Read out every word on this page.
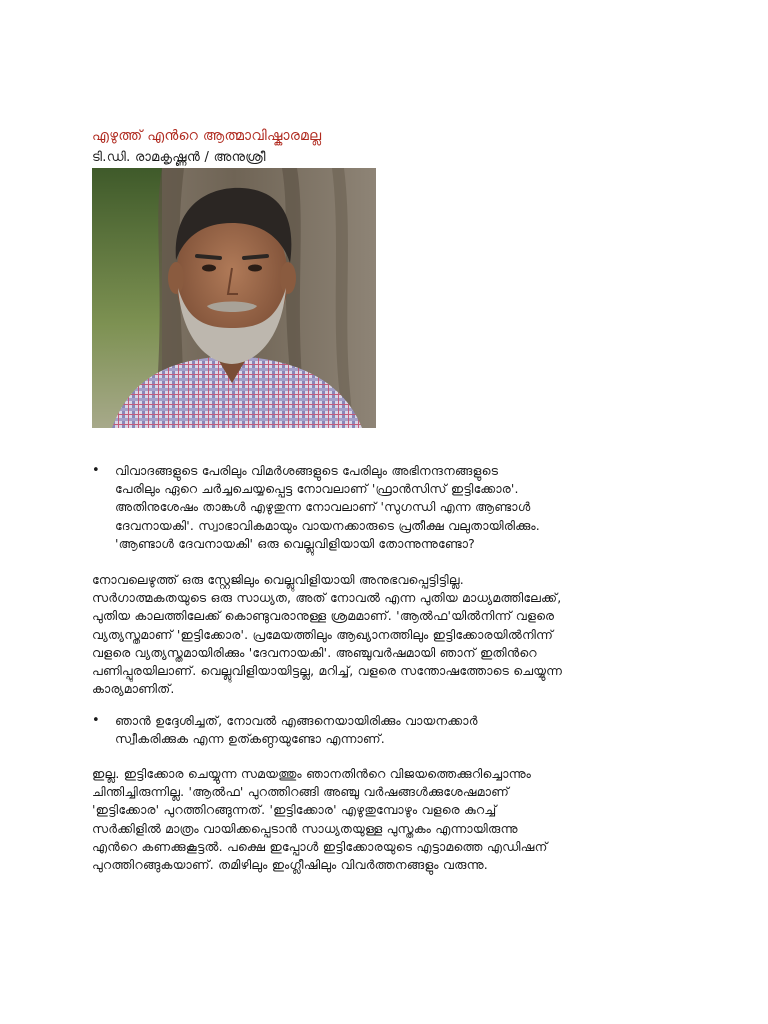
എഴുത്ത് എൻറെ ആത്മാവിഷ്കാരമല്ല
ടി.ഡി. രാമകൃഷ്ണൻ / അനുശ്രീ
• വിവാദങ്ങളുടെ പേരിലും വിമർശങ്ങളുടെ പേരിലും അഭിനന്ദനങ്ങളുടെ
പേരിലും ഏറെ ചർച്ചചെയ്യപ്പെട്ട നോവലാണ് 'ഫ്രാൻസിസ് ഇട്ടിക്കോര'.
അതിനുശേഷം താങ്കൾ എഴുതുന്ന നോവലാണ് 'സുഗന്ധി എന്ന ആണ്ടാൾ
ദേവനായകി'. സ്വാഭാവികമായും വായനക്കാരുടെ പ്രതീക്ഷ വലുതായിരിക്കും.
'ആണ്ടാൾ ദേവനായകി' ഒരു വെല്ലുവിളിയായി തോന്നുന്നുണ്ടോ?
നോവലെഴുത്ത് ഒരു സ്റ്റേജിലും വെല്ലുവിളിയായി അനുഭവപ്പെട്ടിട്ടില്ല.
സർഗാത്മകതയുടെ ഒരു സാധ്യത, അത് നോവൽ എന്ന പുതിയ മാധ്യമത്തിലേക്ക്,
പുതിയ കാലത്തിലേക്ക് കൊണ്ടുവരാനുള്ള ശ്രമമാണ്. 'ആൽഫ'യിൽനിന്ന് വളരെ
വ്യത്യസ്തമാണ് 'ഇട്ടിക്കോര'. പ്രമേയത്തിലും ആഖ്യാനത്തിലും ഇട്ടിക്കോരയിൽനിന്ന്
വളരെ വ്യത്യസ്തമായിരിക്കും 'ദേവനായകി'. അഞ്ചുവർഷമായി ഞാന് ഇതിൻറെ
പണിപ്പുരയിലാണ്. വെല്ലുവിളിയായിട്ടല്ല, മറിച്ച്, വളരെ സന്തോഷത്തോടെ ചെയ്യുന്ന
കാര്യമാണിത്.
• ഞാൻ ഉദ്ദേശിച്ചത്, നോവൽ എങ്ങനെയായിരിക്കും വായനക്കാർ
സ്വീകരിക്കുക എന്ന ഉത്കണ്ഠയുണ്ടോ എന്നാണ്.
ഇല്ല. ഇട്ടിക്കോര ചെയ്യുന്ന സമയത്തും ഞാനതിൻറെ വിജയത്തെക്കുറിച്ചൊന്നും
ചിന്തിച്ചിരുന്നില്ല. 'ആൽഫ' പുറത്തിറങ്ങി അഞ്ചു വർഷങ്ങൾക്കുശേഷമാണ്
'ഇട്ടിക്കോര' പുറത്തിറങ്ങുന്നത്. 'ഇട്ടിക്കോര' എഴുതുമ്പോഴും വളരെ കുറച്ച്
സർക്കിളിൽ മാത്രം വായിക്കപ്പെടാൻ സാധ്യതയുള്ള പുസ്തകം എന്നായിരുന്നു
എൻറെ കണക്കുകൂട്ടൽ. പക്ഷെ ഇപ്പോൾ ഇട്ടിക്കോരയുടെ എട്ടാമത്തെ എഡിഷന്
പുറത്തിറങ്ങുകയാണ്. തമിഴിലും ഇംഗ്ലീഷിലും വിവർത്തനങ്ങളും വരുന്നു.
